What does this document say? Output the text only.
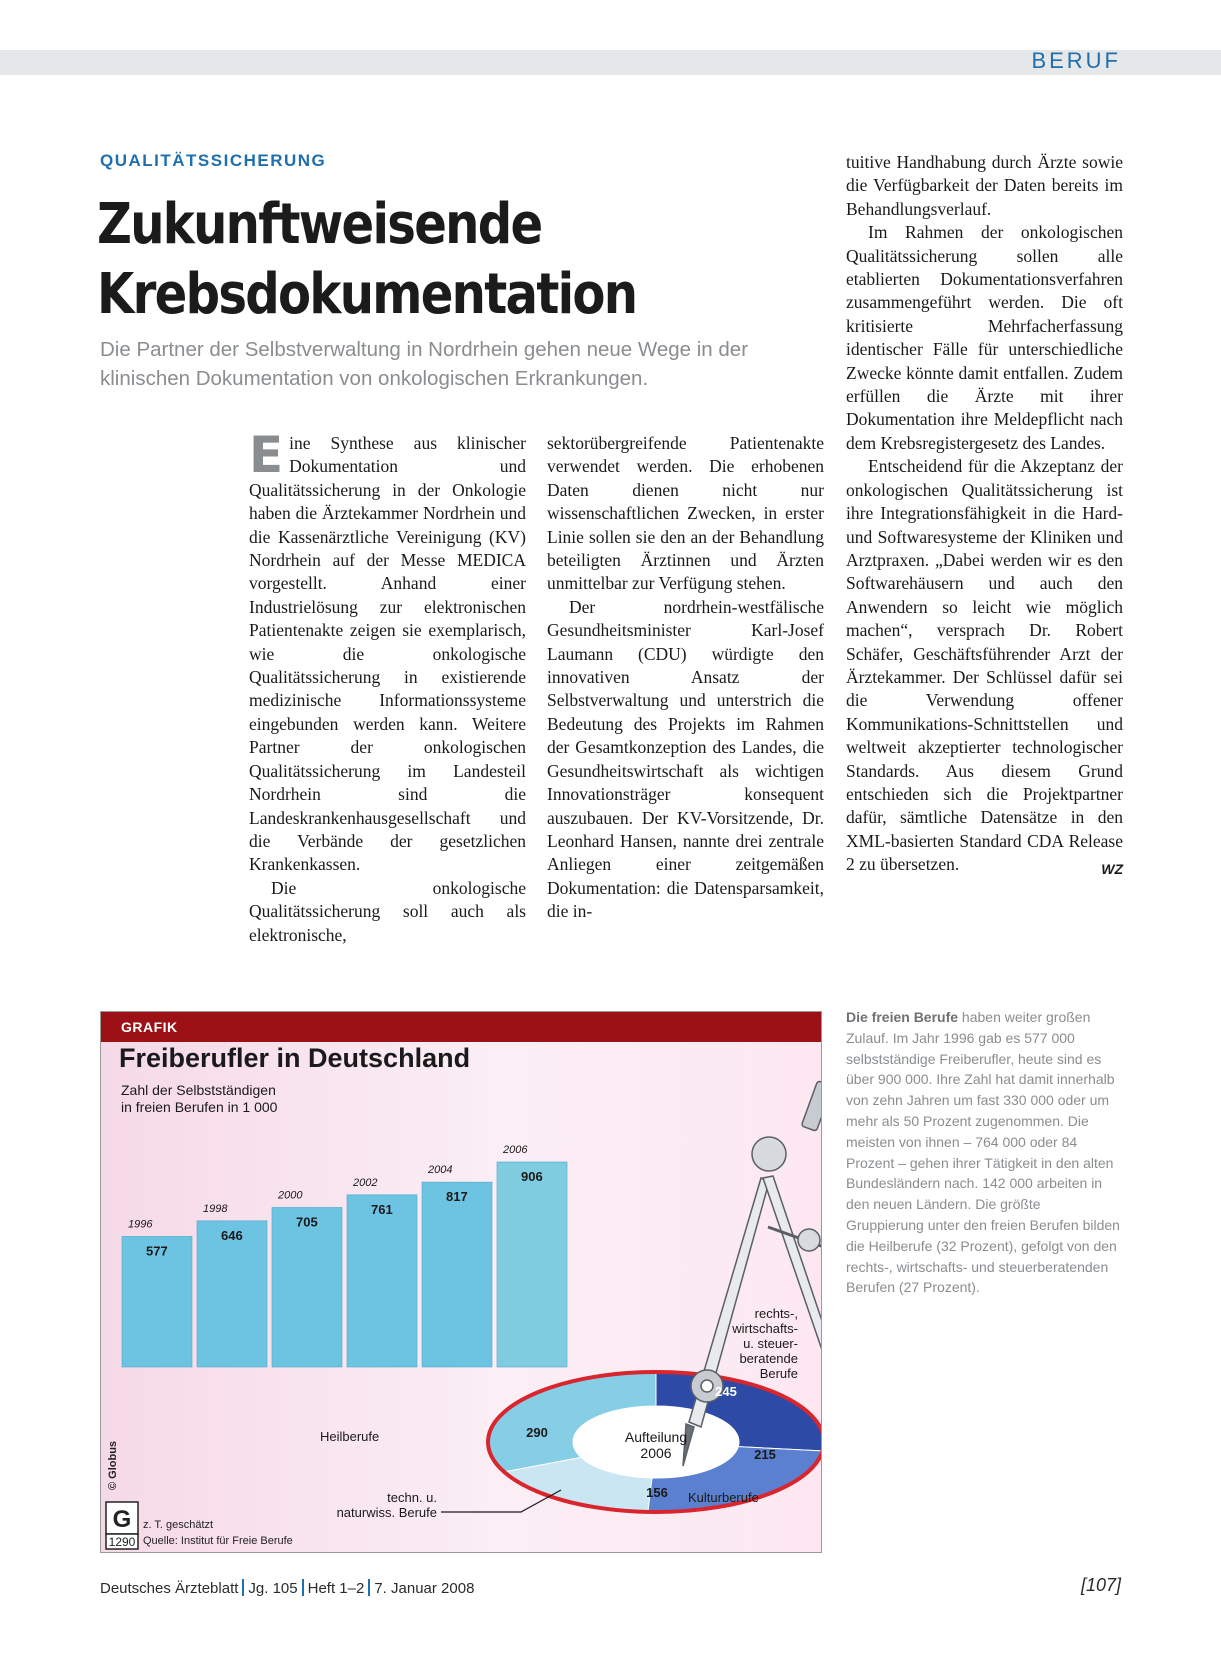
BERUF
QUALITÄTSSICHERUNG
Zukunftweisende Krebsdokumentation

Die Partner der Selbstverwaltung in Nordrhein gehen neue Wege in der klinischen Dokumentation von onkologischen Erkrankungen.

Eine Synthese aus klinischer Dokumentation und Qualitätssicherung in der Onkologie haben die Ärztekammer Nordrhein und die Kassenärztliche Vereinigung (KV) Nordrhein auf der Messe MEDICA vorgestellt. Anhand einer Industrielösung zur elektronischen Patientenakte zeigen sie exemplarisch, wie die onkologische Qualitätssicherung in existierende medizinische Informationssysteme eingebunden werden kann. Weitere Partner der onkologischen Qualitätssicherung im Landesteil Nordrhein sind die Landeskrankenhausgesellschaft und die Verbände der gesetzlichen Krankenkassen.

Die onkologische Qualitätssicherung soll auch als elektronische,

sektorübergreifende Patientenakte verwendet werden. Die erhobenen Daten dienen nicht nur wissenschaftlichen Zwecken, in erster Linie sollen sie den an der Behandlung beteiligten Ärztinnen und Ärzten unmittelbar zur Verfügung stehen.

Der nordrhein-westfälische Gesundheitsminister Karl-Josef Laumann (CDU) würdigte den innovativen Ansatz der Selbstverwaltung und unterstrich die Bedeutung des Projekts im Rahmen der Gesamtkonzeption des Landes, die Gesundheitswirtschaft als wichtigen Innovationsträger konsequent auszubauen. Der KV-Vorsitzende, Dr. Leonhard Hansen, nannte drei zentrale Anliegen einer zeitgemäßen Dokumentation: die Datensparsamkeit, die in-

tuitive Handhabung durch Ärzte sowie die Verfügbarkeit der Daten bereits im Behandlungsverlauf.

Im Rahmen der onkologischen Qualitätssicherung sollen alle etablierten Dokumentationsverfahren zusammengeführt werden. Die oft kritisierte Mehrfacherfassung identischer Fälle für unterschiedliche Zwecke könnte damit entfallen. Zudem erfüllen die Ärzte mit ihrer Dokumentation ihre Meldepflicht nach dem Krebsregistergesetz des Landes.

Entscheidend für die Akzeptanz der onkologischen Qualitätssicherung ist ihre Integrationsfähigkeit in die Hard- und Softwaresysteme der Kliniken und Arztpraxen. „Dabei werden wir es den Softwarehäusern und auch den Anwendern so leicht wie möglich machen“, versprach Dr. Robert Schäfer, Geschäftsführender Arzt der Ärztekammer. Der Schlüssel dafür sei die Verwendung offener Kommunikations-Schnittstellen und weltweit akzeptierter technologischer Standards. Aus diesem Grund entschieden sich die Projektpartner dafür, sämtliche Datensätze in den XML-basierten Standard CDA Release 2 zu übersetzen.	WZ

GRAFIK
G
1290
© Globus
z. T. geschätzt
Quelle: Institut für Freie Berufe
Freiberufler in Deutschland
Zahl der Selbstständigen
in freien Berufen in 1 000
1996
577
1998
646
2000
705
2002
761
2004
817
2006
906
Aufteilung
2006
245
215
156
290
rechts-,
wirtschafts-
u. steuer-
beratende
Berufe
Kulturberufe
techn. u.
naturwiss. Berufe
Heilberufe

Die freien Berufe haben weiter großen Zulauf. Im Jahr 1996 gab es 577 000 selbstständige Freiberufler, heute sind es über 900 000. Ihre Zahl hat damit innerhalb von zehn Jahren um fast 330 000 oder um mehr als 50 Prozent zugenommen. Die meisten von ihnen – 764 000 oder 84 Prozent – gehen ihrer Tätigkeit in den alten Bundesländern nach. 142 000 arbeiten in den neuen Ländern. Die größte Gruppierung unter den freien Berufen bilden die Heilberufe (32 Prozent), gefolgt von den rechts-, wirtschafts- und steuerberatenden Berufen (27 Prozent).

Deutsches Ärzteblatt Jg. 105 Heft 1–2 7. Januar 2008	[107]
